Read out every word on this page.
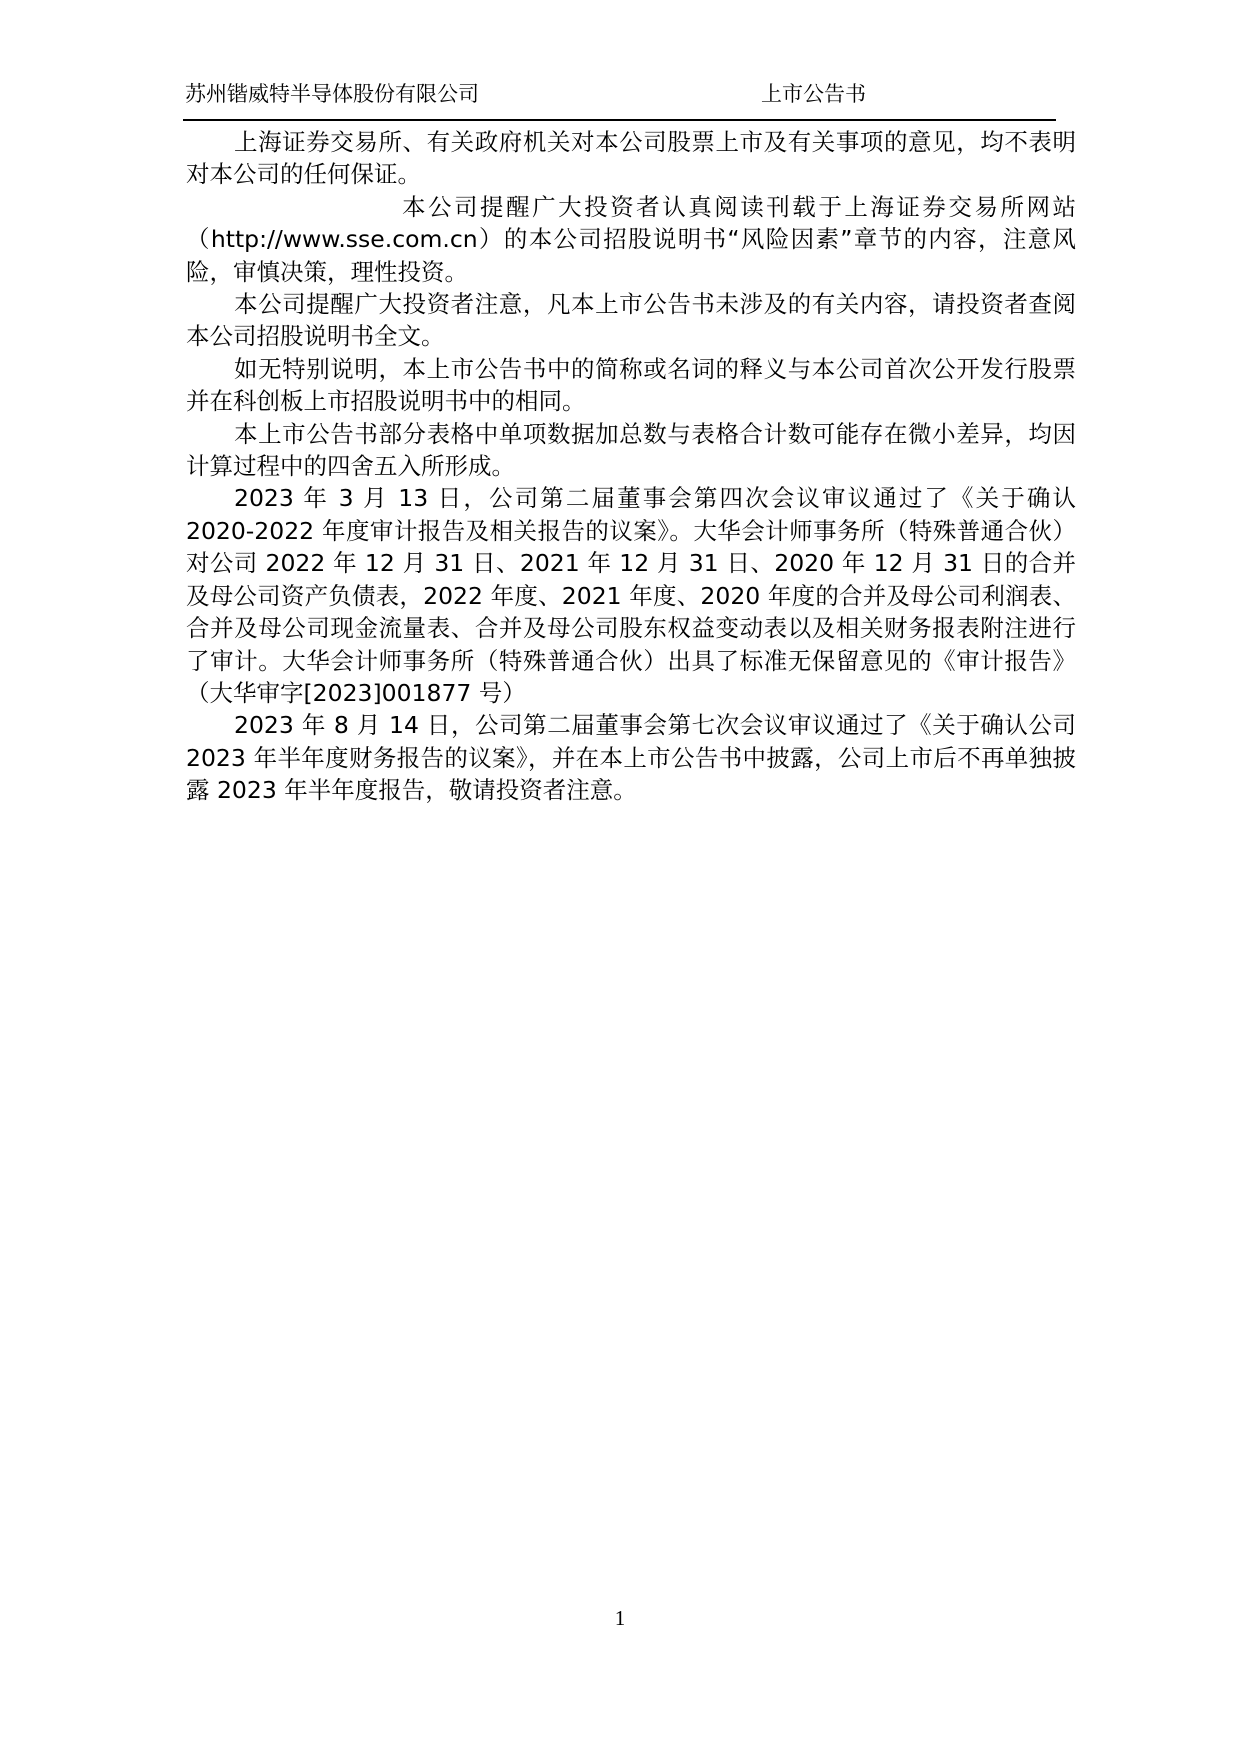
苏州锴威特半导体股份有限公司	上市公告书

上海证券交易所、有关政府机关对本公司股票上市及有关事项的意见，均不表明对本公司的任何保证。

本公司提醒广大投资者认真阅读刊载于上海证券交易所网站（http://www.sse.com.cn）的本公司招股说明书“风险因素”章节的内容，注意风险，审慎决策，理性投资。

本公司提醒广大投资者注意，凡本上市公告书未涉及的有关内容，请投资者查阅本公司招股说明书全文。

如无特别说明，本上市公告书中的简称或名词的释义与本公司首次公开发行股票并在科创板上市招股说明书中的相同。

本上市公告书部分表格中单项数据加总数与表格合计数可能存在微小差异，均因计算过程中的四舍五入所形成。

2023 年 3 月 13 日，公司第二届董事会第四次会议审议通过了《关于确认 2020-2022 年度审计报告及相关报告的议案》。大华会计师事务所（特殊普通合伙）对公司 2022 年 12 月 31 日、2021 年 12 月 31 日、2020 年 12 月 31 日的合并及母公司资产负债表，2022 年度、2021 年度、2020 年度的合并及母公司利润表、合并及母公司现金流量表、合并及母公司股东权益变动表以及相关财务报表附注进行了审计。大华会计师事务所（特殊普通合伙）出具了标准无保留意见的《审计报告》（大华审字[2023]001877 号）

2023 年 8 月 14 日，公司第二届董事会第七次会议审议通过了《关于确认公司 2023 年半年度财务报告的议案》，并在本上市公告书中披露，公司上市后不再单独披露 2023 年半年度报告，敬请投资者注意。

1
